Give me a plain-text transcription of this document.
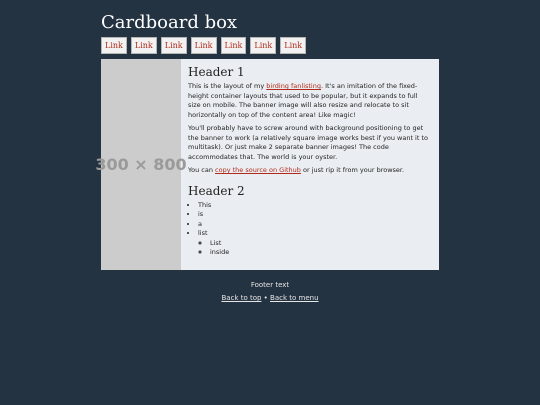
Cardboard box
Link	Link	Link	Link	Link	Link	Link
300 × 800
Header 1

This is the layout of my birding fanlisting. It's an imitation of the fixed-height container layouts that used to be popular, but it expands to full size on mobile. The banner image will also resize and relocate to sit horizontally on top of the content area! Like magic!

You'll probably have to screw around with background positioning to get the banner to work (a relatively square image works best if you want it to multitask). Or just make 2 separate banner images! The code accommodates that. The world is your oyster.

You can copy the source on Github or just rip it from your browser.

Header 2
• This
• is
• a
• list
◦ List
◦ inside
Footer text
Back to top • Back to menu
